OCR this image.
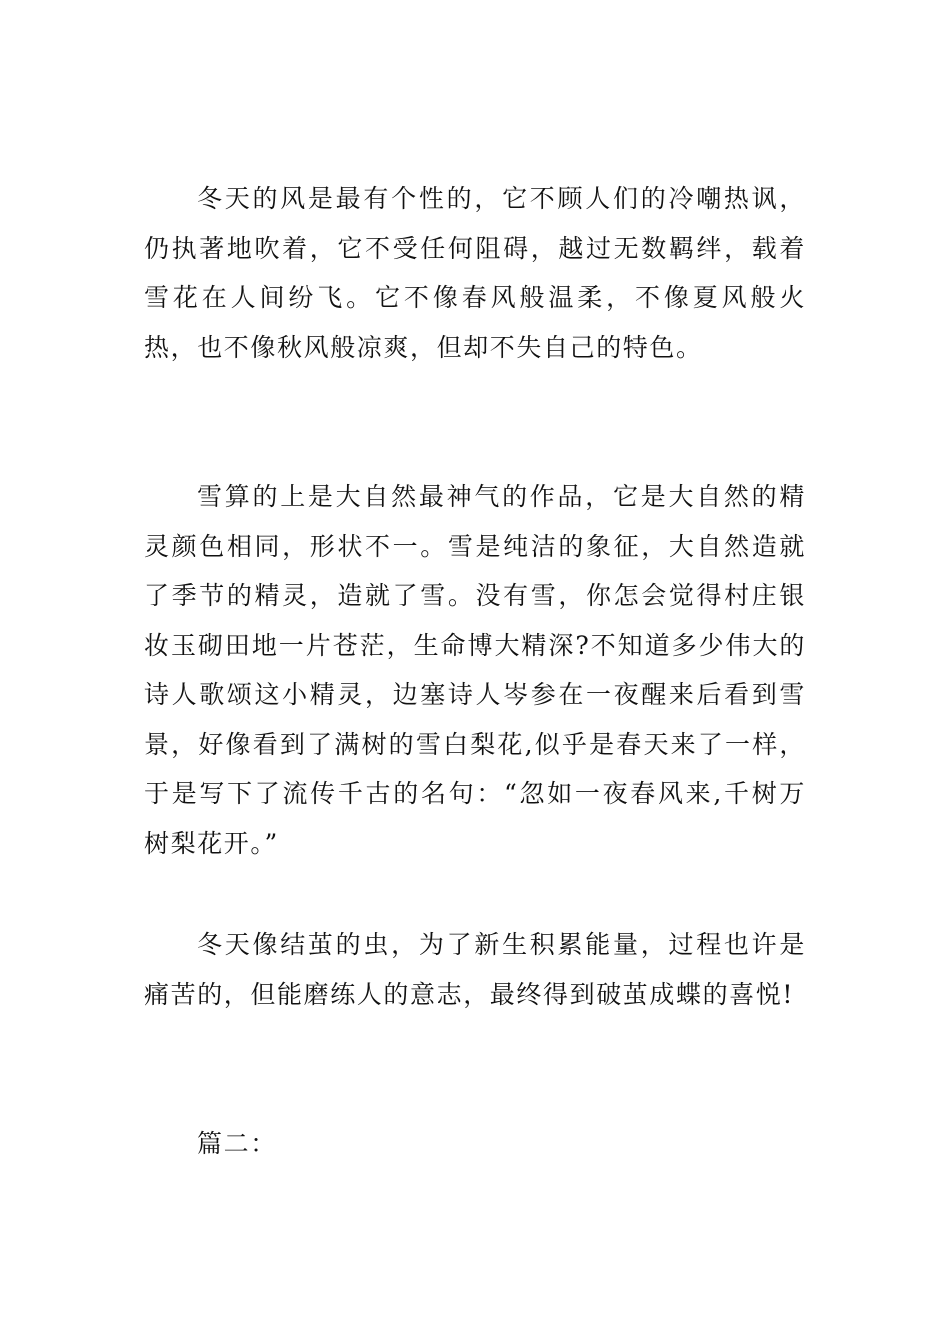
冬天的风是最有个性的，它不顾人们的冷嘲热讽，仍执著地吹着，它不受任何阻碍，越过无数羁绊，载着雪花在人间纷飞。它不像春风般温柔，不像夏风般火热，也不像秋风般凉爽，但却不失自己的特色。

雪算的上是大自然最神气的作品，它是大自然的精灵颜色相同，形状不一。雪是纯洁的象征，大自然造就了季节的精灵，造就了雪。没有雪，你怎会觉得村庄银妆玉砌田地一片苍茫，生命博大精深?不知道多少伟大的诗人歌颂这小精灵，边塞诗人岑参在一夜醒来后看到雪景，好像看到了满树的雪白梨花,似乎是春天来了一样，于是写下了流传千古的名句：“忽如一夜春风来,千树万树梨花开。”

冬天像结茧的虫，为了新生积累能量，过程也许是痛苦的，但能磨练人的意志，最终得到破茧成蝶的喜悦!

篇二：
